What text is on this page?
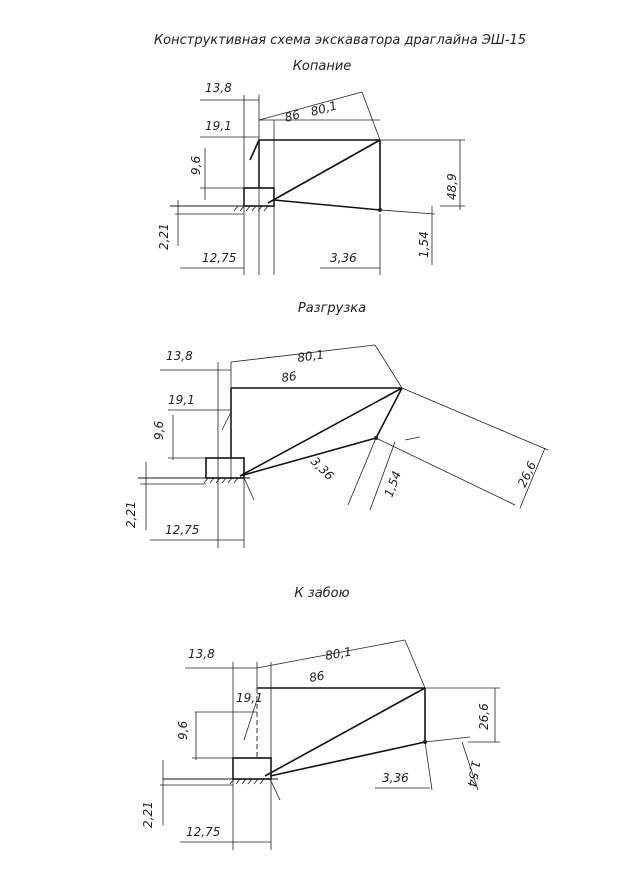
Конструктивная схема экскаватора драглайна ЭШ-15
Копание
13,8
19,1
86 80,1
9,6
2,21
12,75	3,36	1,54
48,9
Разгрузка
13,8	80,1
86
19,1
9,6
3,36
1,54	26,6
2,21
12,75
К забою
13,8	80,1
86
19,1
9,6
26,6
3,36	1,54
2,21
12,75
